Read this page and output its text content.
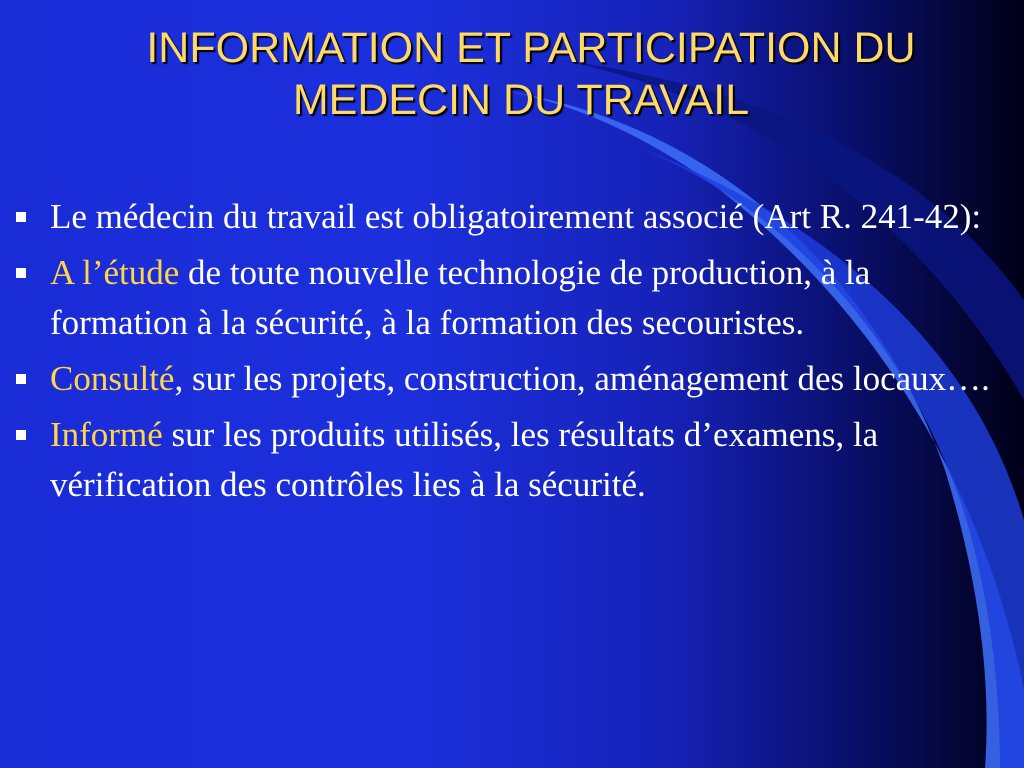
INFORMATION ET PARTICIPATION DU
MEDECIN DU TRAVAIL
Le médecin du travail est obligatoirement associé (Art R. 241-42):
A l’étude de toute nouvelle technologie de production, à la formation à la sécurité, à la formation des secouristes.
Consulté, sur les projets, construction, aménagement des locaux….
Informé sur les produits utilisés, les résultats d’examens, la vérification des contrôles lies à la sécurité.
